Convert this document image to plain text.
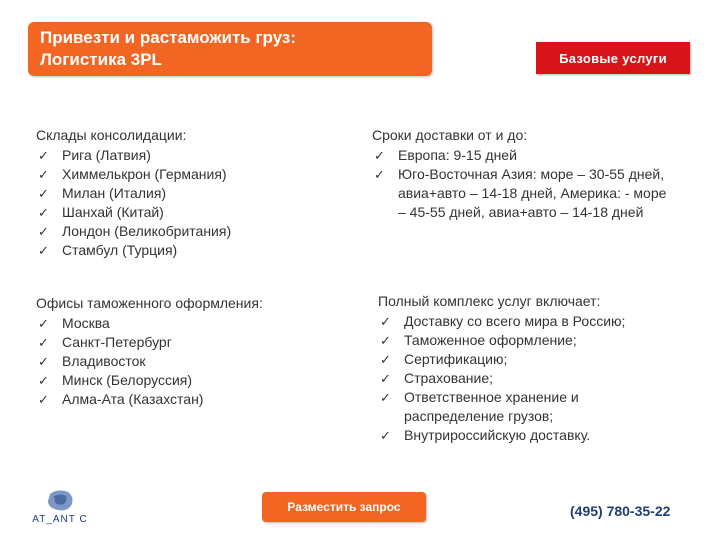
Привезти и растаможить груз:
Логистика 3PL	Базовые услуги
Склады консолидации:
✓ Рига (Латвия)
✓ Химмелькрон (Германия)
✓ Милан (Италия)
✓ Шанхай (Китай)
✓ Лондон (Великобритания)
✓ Стамбул (Турция)
Сроки доставки от и до:
✓ Европа: 9-15 дней
✓ Юго-Восточная Азия: море – 30-55 дней, авиа+авто – 14-18 дней, Америка: - море – 45-55 дней, авиа+авто – 14-18 дней
Офисы таможенного оформления:
✓ Москва
✓ Санкт-Петербург
✓ Владивосток
✓ Минск (Белоруссия)
✓ Алма-Ата (Казахстан)
Полный комплекс услуг включает:
✓ Доставку со всего мира в Россию;
✓ Таможенное оформление;
✓ Сертификацию;
✓ Страхование;
✓ Ответственное хранение и распределение грузов;
✓ Внутрироссийскую доставку.
AT_ANT C
Разместить запрос	(495) 780-35-22
